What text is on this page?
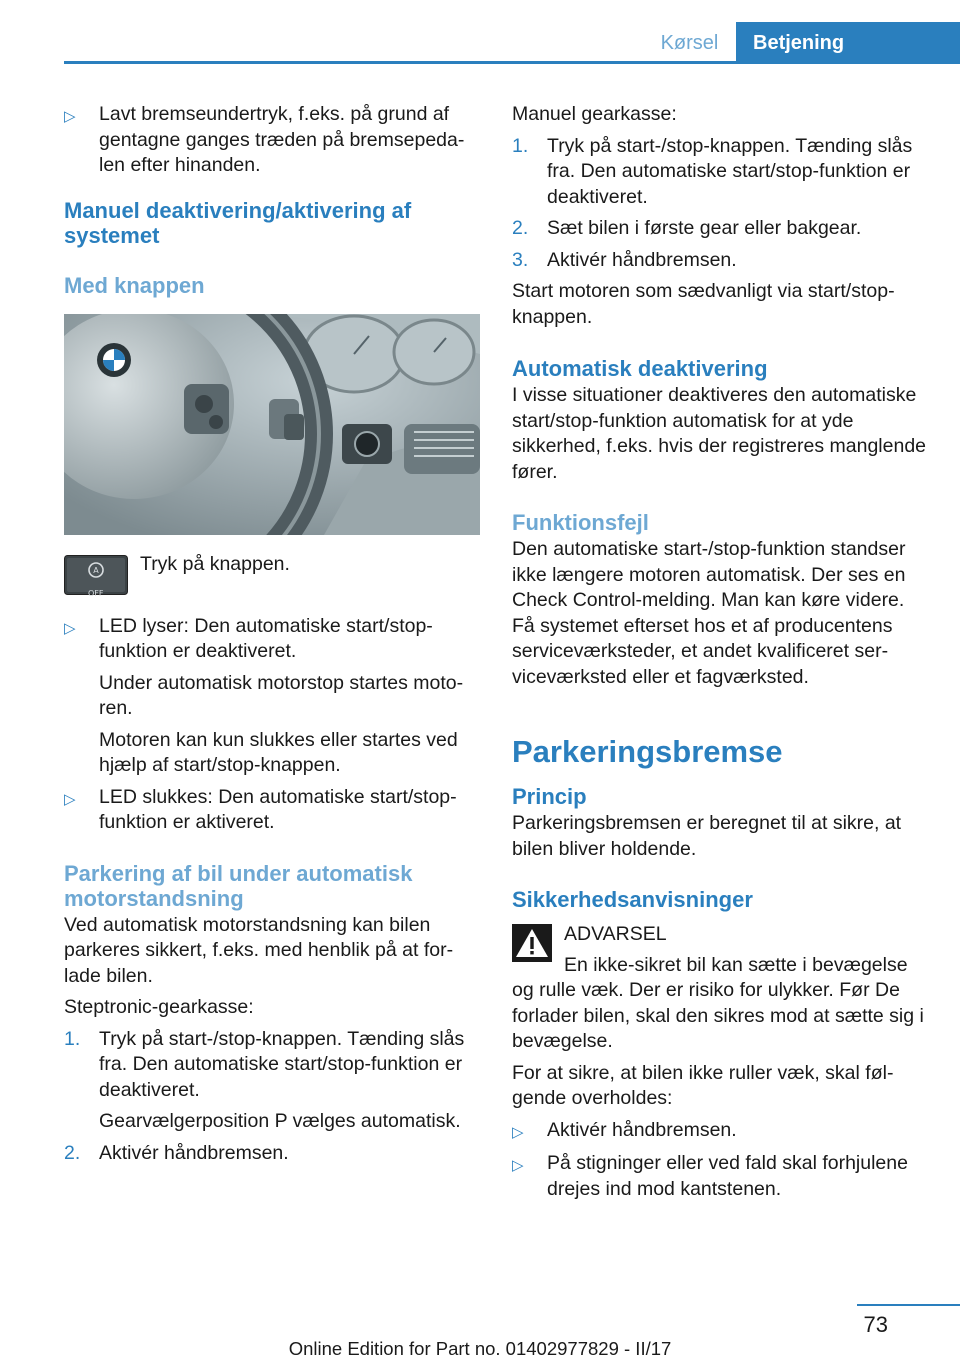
Kørsel	Betjening
▷	Lavt bremseundertryk, f.eks. på grund af gentagne ganges træden på bremsepedalen efter hinanden.
Manuel deaktivering/aktivering af systemet
Med knappen
A
$^{OFF}$

Tryk på knappen.

▷	LED lyser: Den automatiske start/stop-funktion er deaktiveret.

Under automatisk motorstop startes motoren.

Motoren kan kun slukkes eller startes ved hjælp af start/stop-knappen.

▷	LED slukkes: Den automatiske start/stop-funktion er aktiveret.
Parkering af bil under automatisk motorstandsning

Ved automatisk motorstandsning kan bilen parkeres sikkert, f.eks. med henblik på at forlade bilen.

Steptronic-gearkasse:

1. Tryk på start-/stop-knappen. Tænding slås fra. Den automatiske start/stop-funktion er deaktiveret.

Gearvælgerposition P vælges automatisk.

2. Aktivér håndbremsen.

Manuel gearkasse:

1. Tryk på start-/stop-knappen. Tænding slås fra. Den automatiske start/stop-funktion er deaktiveret.
2. Sæt bilen i første gear eller bakgear.
3. Aktivér håndbremsen.

Start motoren som sædvanligt via start/stop-knappen.

Automatisk deaktivering

I visse situationer deaktiveres den automatiske start/stop-funktion automatisk for at yde sikkerhed, f.eks. hvis der registreres manglende fører.

Funktionsfejl

Den automatiske start-/stop-funktion standser ikke længere motoren automatisk. Der ses en Check Control-melding. Man kan køre videre. Få systemet efterset hos et af producentens serviceværksteder, et andet kvalificeret serviceværksted eller et fagværksted.

Parkeringsbremse
Princip

Parkeringsbremsen er beregnet til at sikre, at bilen bliver holdende.

Sikkerhedsanvisninger

ADVARSEL

En ikke-sikret bil kan sætte i bevægelse

og rulle væk. Der er risiko for ulykker. Før De forlader bilen, skal den sikres mod at sætte sig i bevægelse.

For at sikre, at bilen ikke ruller væk, skal følgende overholdes:

▷	Aktivér håndbremsen.
▷	På stigninger eller ved fald skal forhjulene drejes ind mod kantstenen.
73
Online Edition for Part no. 01402977829 - II/17
